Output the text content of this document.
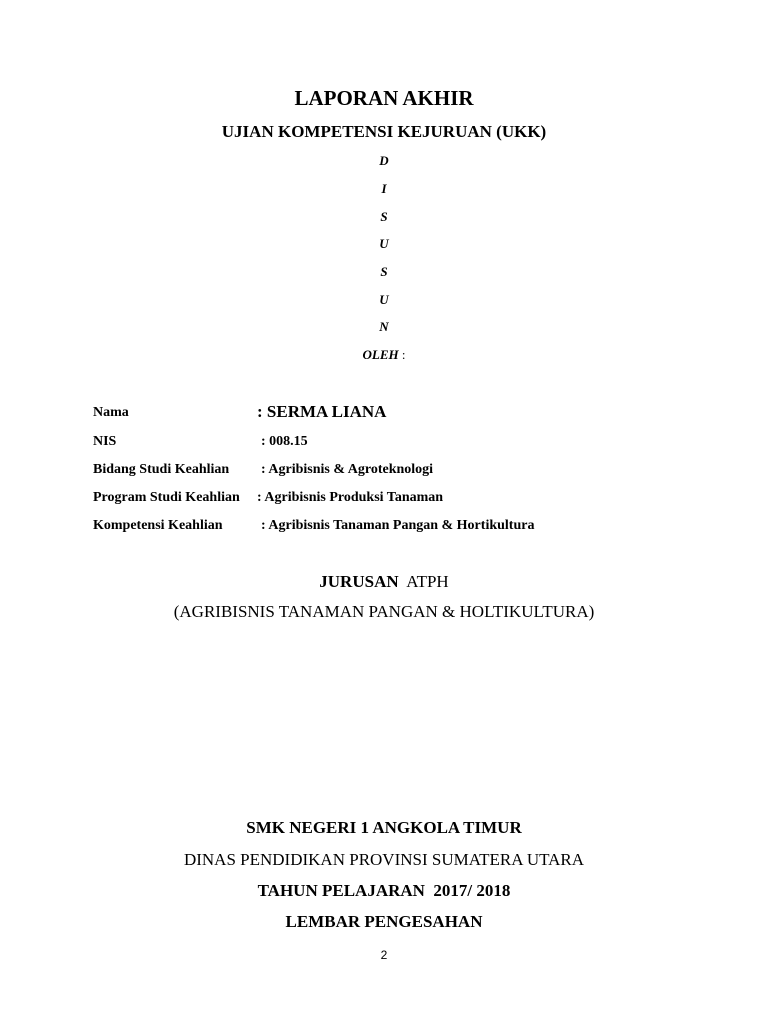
LAPORAN AKHIR
UJIAN KOMPETENSI KEJURUAN (UKK)
D
I
S
U
S
U
N
OLEH :
Nama	: SERMA LIANA
NIS	: 008.15
Bidang Studi Keahlian : Agribisnis & Agroteknologi
Program Studi Keahlian : Agribisnis Produksi Tanaman
Kompetensi Keahlian	: Agribisnis Tanaman Pangan & Hortikultura
JURUSAN ATPH
(AGRIBISNIS TANAMAN PANGAN & HOLTIKULTURA)
SMK NEGERI 1 ANGKOLA TIMUR
DINAS PENDIDIKAN PROVINSI SUMATERA UTARA
TAHUN PELAJARAN  2017/ 2018
LEMBAR PENGESAHAN
2
